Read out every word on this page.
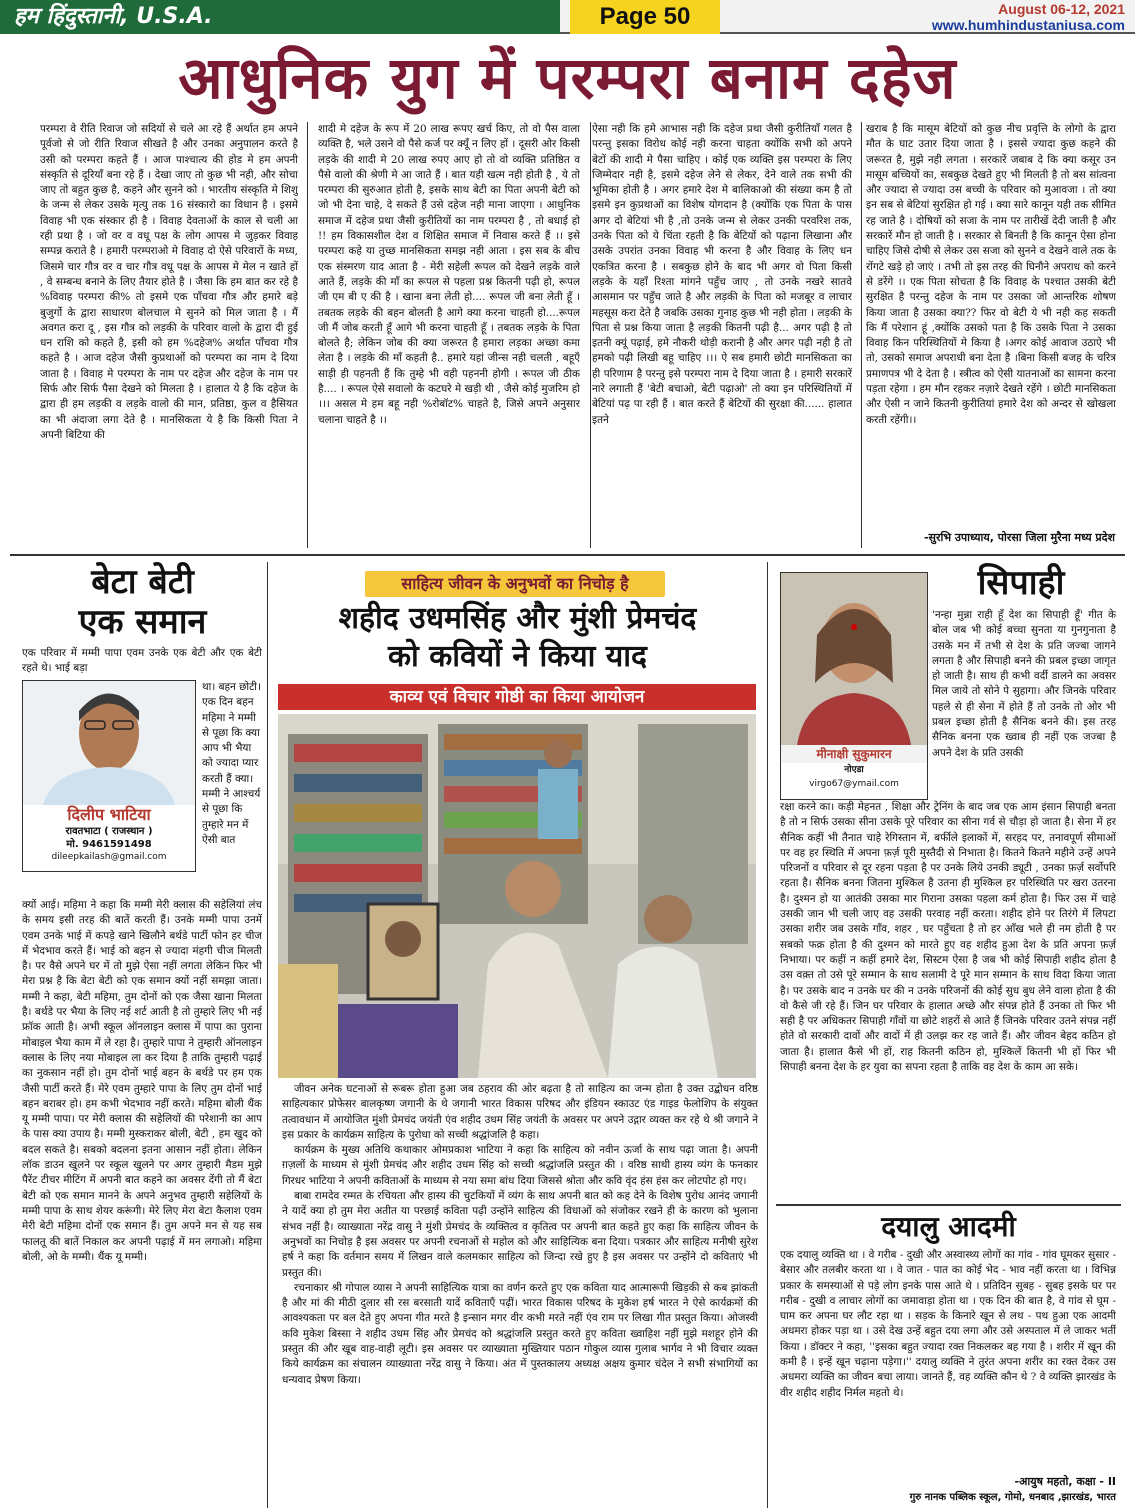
हम हिंदुस्तानी, U.S.A.	Page 50	August 06-12, 2021
www.humhindustaniusa.com
आधुनिक युग में परम्परा बनाम दहेज
परम्परा वे रीति रिवाज जो सदियों से चले आ रहे हैं अर्थात हम अपने पूर्वजो से जो रीति रिवाज सीखते है और उनका अनुपालन करते है उसी को परम्परा कहते हैं । आज पाश्चात्य की होड मे हम अपनी संस्कृति से दूरियाँ बना रहे हैं । देखा जाए तो कुछ भी नही, और सोचा जाए तो बहुत कुछ है, कहने और सुनने को । भारतीय संस्कृति मे शिशु के जन्म से लेकर उसके मृत्यु तक 16 संस्कारो का विधान है । इसमे विवाह भी एक संस्कार ही है । विवाह देवताओं के काल से चली आ रही प्रथा है । जो वर व वधू पक्ष के लोग आपस मे जुड़कर विवाह सम्पन्न कराते है । हमारी परम्पराओ मे विवाह दो ऐसे परिवारों के मध्य, जिसमे चार गौत्र वर व चार गौत्र वधू पक्ष के आपस मे मेल न खाते हों , वे सम्बन्ध बनाने के लिए तैयार होते है । जैसा कि हम बात कर रहे है %विवाह परम्परा की% तो इसमे एक पाँचवा गौत्र और हमारे बड़े बुजुर्गो के द्वारा साधारण बोलचाल मे सुनने को मिल जाता है । मैं अवगत करा दू , इस गौत्र को लड़की के परिवार वालो के द्वारा दी हुई धन राशि को कहते है, इसी को हम %दहेज% अर्थात पाँचवा गौत्र कहते है । आज दहेज जैसी कुप्रथाओं को परम्परा का नाम दे दिया जाता है । विवाह मे परम्परा के नाम पर दहेज और दहेज के नाम पर सिर्फ और सिर्फ पैसा देखने को मिलता है । हालात ये है कि दहेज के द्वारा ही हम लड़की व लड़के वालो की मान, प्रतिष्ठा, कुल व हैसियत का भी अंदाजा लगा देते है । मानसिकता ये है कि किसी पिता ने अपनी बिटिया की
शादी मे दहेज के रूप में 20 लाख रूपए खर्च किए, तो वो पैस वाला व्यक्ति है, भले उसने वो पैसे कर्ज पर क्यूँ न लिए हों । दूसरी ओर किसी लड़के की शादी मे 20 लाख रुपए आए हो तो वो व्यक्ति प्रतिष्ठित व पैसे वालो की श्रेणी मे आ जाते हैं । बात यही खत्म नही होती है , ये तो परम्परा की सुरुआत होती है, इसके साथ बेटी का पिता अपनी बेटी को जो भी देना चाहे, दे सकते हैं उसे दहेज नही माना जाएगा । आधुनिक समाज में दहेज प्रथा जैसी कुरीतियों का नाम परम्परा है , तो बधाई हो !! हम विकासशील देश व शिक्षित समाज में निवास करते हैं ।। इसे परम्परा कहे या तुच्छ मानसिकता समझ नही आता । इस सब के बीच एक संस्मरण याद आता है - मेरी सहेली रूपल को देखने लड़के वाले आते हैं, लड़के की माँ का रूपल से पहला प्रश्न कितनी पढ़ी हो, रूपल जी एम बी ए की है । खाना बना लेती हो.... रूपल जी बना लेती हूँ । तबतक लड़के की बहन बोलती है आगे क्या करना चाहती हो....रूपल जी मैं जोब करती हूँ आगे भी करना चाहती हूँ । तबतक लड़के के पिता बोलते है; लेकिन जोब की क्या जरूरत है हमारा लड़का अच्छा कमा लेता है । लड़के की माँ कहती है.. हमारे यहां जीन्स नही चलती , बहूएँ साड़ी ही पहनती हैं कि तुम्हे भी वही पहननी होगी । रूपल जी ठीक है.... । रूपल ऐसे सवालो के कटघरे मे खड़ी थी , जैसे कोई मुजरिम हो ।।। असल मे हम बहू नही %रोबॉट% चाहते है, जिसे अपने अनुसार चलाना चाहते है ।।
ऐसा नही कि हमे आभास नही कि दहेज प्रथा जैसी कुरीतियाँ गलत है परन्तु इसका विरोध कोई नही करना चाहता क्योंकि सभी को अपने बेटों की शादी मे पैसा चाहिए । कोई एक व्यक्ति इस परम्परा के लिए जिम्मेदार नही है, इसमे दहेज लेने से लेकर, देने वाले तक सभी की भूमिका होती है । अगर हमारे देश मे बालिकाओ की संख्या कम है तो इसमे इन कुप्रथाओं का विशेष योगदान है (क्योंकि एक पिता के पास अगर दो बेटियां भी है ,तो उनके जन्म से लेकर उनकी परवरिश तक, उनके पिता को ये चिंता रहती है कि बेटियों को पढ़ाना लिखाना और उसके उपरांत उनका विवाह भी करना है और विवाह के लिए धन एकत्रित करना है । सबकुछ होने के बाद भी अगर वो पिता किसी लड़के के यहाँ रिश्ता मांगने पहुँच जाए , तो उनके नखरे सातवे आसमान पर पहुँच जाते है और लड़की के पिता को मजबूर व लाचार महसूस करा देते है जबकि उसका गुनाह कुछ भी नही होता । लड़की के पिता से प्रश्न किया जाता है लड़की कितनी पढ़ी है... अगर पढ़ी है तो इतनी क्यूं पढ़ाई, हमे नौकरी थोड़ी करानी है और अगर पढ़ी नही है तो हमको पढ़ी लिखी बहू चाहिए ।।। ऐ सब हमारी छोटी मानसिकता का ही परिणाम है परन्तु इसे परम्परा नाम दे दिया जाता है । हमारी सरकारें नारे लगाती हैं 'बेटी बचाओ, बेटी पढ़ाओ' तो क्या इन परिस्थितियों में बेटियां पढ़ पा रही हैं । बात करते हैं बेटियों की सुरक्षा की...... हालात इतने
खराब है कि मासूम बेटियों को कुछ नीच प्रवृत्ति के लोगो के द्वारा मौत के घाट उतार दिया जाता है । इससे ज्यादा कुछ कहने की जरूरत है, मुझे नही लगता । सरकारें जबाब दे कि क्या कसूर उन मासूम बच्चियों का, सबकुछ देखते हुए भी मिलती है तो बस सांत्वना और ज्यादा से ज्यादा उस बच्ची के परिवार को मुआवजा । तो क्या इन सब से बेटियां सुरक्षित हो गई । क्या सारे कानून यही तक सीमित रह जाते है । दोषियों को सजा के नाम पर तारीखें देदी जाती है और सरकारें मौन हो जाती है । सरकार से बिनती है कि कानून ऐसा होना चाहिए जिसे दोषी से लेकर उस सजा को सुनने व देखने वाले तक के रोंगटे खड़े हो जाएं । तभी तो इस तरह की घिनौने अपराध को करने से डरेंगे ।। एक पिता सोचता है कि विवाह के पश्चात उसकी बेटी सुरक्षित है परन्तु दहेज के नाम पर उसका जो आन्तरिक शोषण किया जाता है उसका क्या?? फिर वो बेटी ये भी नही कह सकती कि मैं परेशान हूं ,क्योंकि उसको पता है कि उसके पिता ने उसका विवाह किन परिस्थितियों मे किया है ।अगर कोई आवाज उठाऐ भी तो, उसको समाज अपराधी बना देता है ।बिना किसी बजह के चरित्र प्रमाणपत्र भी दे देता है । स्त्रीत्व को ऐसी यातनाओं का सामना करना पड़ता रहेगा । हम मौन रहकर नज़ारे देखते रहेंगे । छोटी मानसिकता और ऐसी न जाने कितनी कुरीतियां हमारे देश को अन्दर से खोखला करती रहेंगी।।
-सुरभि उपाध्याय, पोरसा जिला मुरैना मध्य प्रदेश
बेटा बेटी
एक समान
एक परिवार में मम्मी पापा एवम उनके एक बेटी और एक बेटी रहते थे। भाई बड़ा
दिलीप भाटिया
रावतभाटा ( राजस्थान )
मो. 9461591498
dileepkailash@gmail.com
था। बहन छोटी। एक दिन बहन महिमा ने मम्मी से पूछा कि क्या आप भी भैया को ज्यादा प्यार करती हैं क्या। मम्मी ने आश्चर्य से पूछा कि तुम्हारे मन में ऐसी बात
क्यों आई। महिमा ने कहा कि मम्मी मेरी क्लास की सहेलियां लंच के समय इसी तरह की बातें करती हैं। उनके मम्मी पापा उनमें एवम उनके भाई में कपड़े खाने खिलौने बर्थडे पार्टी फोन हर चीज में भेदभाव करते हैं। भाई को बहन से ज्यादा मंहगी चीज मिलती है। पर वैसे अपने घर में तो मुझे ऐसा नहीं लगता लेकिन फिर भी मेरा प्रश्न है कि बेटा बेटी को एक समान क्यों नहीं समझा जाता। मम्मी ने कहा, बेटी महिमा, तुम दोनों को एक जैसा खाना मिलता है। बर्थडे पर भैया के लिए नई शर्ट आती है तो तुम्हारे लिए भी नई फ्रॉक आती है। अभी स्कूल ऑनलाइन क्लास में पापा का पुराना मोबाइल भैया काम में ले रहा है। तुम्हारे पापा ने तुम्हारी ऑनलाइन क्लास के लिए नया मोबाइल ला कर दिया है ताकि तुम्हारी पढ़ाई का नुकसान नहीं हो। तुम दोनों भाई बहन के बर्थडे पर हम एक जैसी पार्टी करते हैं। मेरे एवम तुम्हारे पापा के लिए तुम दोनों भाई बहन बराबर हो। हम कभी भेदभाव नहीं करते। महिमा बोली थैंक यू मम्मी पापा। पर मेरी क्लास की सहेलियों की परेशानी का आप के पास क्या उपाय है। मम्मी मुस्कराकर बोली, बेटी , हम खुद को बदल सकते है। सबको बदलना इतना आसान नहीं होता। लेकिन लॉक डाउन खुलने पर स्कूल खुलने पर अगर तुम्हारी मैडम मुझे पैरेंट टीचर मीटिंग में अपनी बात कहने का अवसर देंगी तो मैं बेटा बेटी को एक समान मानने के अपने अनुभव तुम्हारी सहेलियों के मम्मी पापा के साथ शेयर करूंगी। मेरे लिए मेरा बेटा कैलाश एवम मेरी बेटी महिमा दोनों एक समान हैं। तुम अपने मन से यह सब फालतू की बातें निकाल कर अपनी पढ़ाई में मन लगाओ। महिमा बोली, ओ के मम्मी। थैंक यू मम्मी।
साहित्य जीवन के अनुभवों का निचोड़ है
शहीद उधमसिंह और मुंशी प्रेमचंद
को कवियों ने किया याद
काव्य एवं विचार गोष्ठी का किया आयोजन

जीवन अनेक घटनाओं से रूबरू होता हुआ जब ठहराव की ओर बढ़ता है तो साहित्य का जन्म होता है उक्त उद्बोधन वरिष्ठ साहित्यकार प्रोफेसर बालकृष्ण जगानी के थे जगानी भारत विकास परिषद और इंडियन स्काउट एंड गाइड फेलोशिप के संयुक्त तत्वावधान में आयोजित मुंशी प्रेमचंद जयंती एंव शहीद उधम सिंह जयंती के अवसर पर अपने उद्गार व्यक्त कर रहे थे श्री जगाने ने इस प्रकार के कार्यक्रम साहित्य के पुरोधा को सच्ची श्रद्धांजलि है कहा।

कार्यक्रम के मुख्य अतिथि कथाकार ओमप्रकाश भाटिया ने कहा कि साहित्य को नवीन ऊर्जा के साथ पढ़ा जाता है। अपनी ग़ज़लों के माध्यम से मुंशी प्रेमचंद और शहीद उधम सिंह को सच्ची श्रद्धांजलि प्रस्तुत की । वरिष्ठ साथी हास्य व्यंग के फनकार गिरधर भाटिया ने अपनी कविताओं के माध्यम से नया समा बांध दिया जिससे श्रोता और कवि वृंद हंस हंस कर लोटपोट हो गए।

बाबा रामदेव रम्मत के रचियता और हास्य की चुटकियों में व्यंग के साथ अपनी बात को कह देने के विशेष पुरोध आनंद जगानी ने यादें क्या हो तुम मेरा अतीत या परछाई कविता पढ़ी उन्होंने साहित्य की विधाओं को संजोकर रखने ही के कारण को भुलाना संभव नहीं है। व्याख्याता नरेंद्र वासु ने मुंशी प्रेमचंद के व्यक्तित्व व कृतित्व पर अपनी बात कहते हुए कहा कि साहित्य जीवन के अनुभवों का निचोड़ है इस अवसर पर अपनी रचनाओं से महोल को और साहित्यिक बना दिया। पत्रकार और साहित्य मनीषी सुरेश हर्ष ने कहा कि वर्तमान समय में लिखन वाले कलमकार साहित्य को जिन्दा रखे हुए है इस अवसर पर उन्होंने दो कविताएं भी प्रस्तुत की।

रचनाकार श्री गोपाल व्यास ने अपनी साहित्यिक यात्रा का वर्णन करते हुए एक कविता याद आत्मारूपी खिड़की से कब झांकती है और मां की मीठी दुलार सी रस बरसाती यादें कविताएँ पढ़ीं। भारत विकास परिषद के मुकेश हर्ष भारत ने ऐसे कार्यक्रमों की आवश्यकता पर बल देते हुए अपना गीत मरते है इन्सान मगर वीर कभी मरते नहीं एंव राम पर लिखा गीत प्रस्तुत किया। ओजस्वी कवि मुकेश बिस्सा ने शहीद उधम सिंह और प्रेमचंद को श्रद्धांजलि प्रस्तुत करते हुए कविता ख्वाहिश नहीं मुझे मशहूर होने की प्रस्तुत की और खूब वाह-वाही लूटी। इस अवसर पर व्याख्याता मुख्तियार पठान गोकुल व्यास गुलाब भार्गव ने भी विचार व्यक्त किये कार्यक्रम का संचालन व्याख्याता नरेंद्र वासु ने किया। अंत में पुस्तकालय अध्यक्ष अक्षय कुमार चंदेल ने सभी संभागियों का धन्यवाद प्रेषण किया।

सिपाही
मीनाक्षी सुकुमारन
नोएडा
virgo67@ymail.com
'नन्हा मुन्ना राही हूँ देश का सिपाही हूँ' गीत के बोल जब भी कोई बच्चा सुनता या गुनगुनाता है उसके मन में तभी से देश के प्रति जज्बा जागने लगता है और सिपाही बनने की प्रबल इच्छा जागृत हो जाती है। साथ ही कभी वर्दी डालने का अवसर मिल जाये तो सोने पे सुहागा। और जिनके परिवार पहले से ही सेना में होते हैं तो उनके तो ओर भी प्रबल इच्छा होती है सैनिक बनने की। इस तरह सैनिक बनना एक ख्वाब ही नहीं एक जज्बा है अपने देश के प्रति उसकी
रक्षा करने का। कड़ी मेहनत , शिक्षा और ट्रेनिंग के बाद जब एक आम इंसान सिपाही बनता है तो न सिर्फ उसका सीना उसके पूरे परिवार का सीना गर्व से चौड़ा हो जाता है। सेना में हर सैनिक कहीं भी तैनात चाहे रेगिस्तान में, बर्फीले इलाकों में, सरहद पर, तनावपूर्ण सीमाओं पर वह हर स्थिति में अपना फ़र्ज़ पूरी मुस्तैदी से निभाता है। कितने कितने महीने उन्हें अपने परिजनों व परिवार से दूर रहना पड़ता है पर उनके लिये उनकी ड्यूटी , उनका फ़र्ज़ सर्वोपरि रहता है। सैनिक बनना जितना मुश्किल है उतना ही मुश्किल हर परिस्थिति पर खरा उतरना है। दुश्मन हो या आतंकी उसका मार गिराना उसका पहला कर्म होता है। फिर उस में चाहे उसकी जान भी चली जाए वह उसकी परवाह नहीं करता। शहीद होने पर तिरंगे में लिपटा उसका शरीर जब उसके गाँव, शहर , घर पहुँचता है तो हर आँख भले ही नम होती है पर सबको फक्र होता है की दुश्मन को मारते हुए वह शहीद हुआ देश के प्रति अपना फ़र्ज़ निभाया। पर कहीं न कहीं हमारे देश, सिस्टम ऐसा है जब भी कोई सिपाही शहीद होता है उस वक़्त तो उसे पूरे सम्मान के साथ सलामी दे पूरे मान सम्मान के साथ विदा किया जाता है। पर उसके बाद न उनके घर की न उनके परिजनों की कोई सुध बुध लेने वाला होता है की वो कैसे जी रहे हैं। जिन घर परिवार के हालात अच्छे और संपन्न होते हैं उनका तो फिर भी सही है पर अधिकतर सिपाही गाँवों या छोटे शहरों से आते हैं जिनके परिवार उतने संपन्न नहीं होते वो सरकारी दावों और वादों में ही उलझ कर रह जाते हैं। और जीवन बेहद कठिन हो जाता है। हालात कैसे भी हों, राह कितनी कठिन हो, मुश्किलें कितनी भी हों फिर भी सिपाही बनना देश के हर युवा का सपना रहता है ताकि वह देश के काम आ सके।
दयालु आदमी
एक दयालु व्यक्ति था । वे गरीब - दुखी और अस्वास्थ्य लोगों का गांव - गांव घूमकर सुसार - बेसार और तलबीर करता था । वे जात - पात का कोई भेद - भाव नहीं करता था । विभिन्न प्रकार के समस्याओं से पड़े लोग इनके पास आते थे । प्रतिदिन सुबह - सुबह इसके घर पर गरीब - दुखी व लाचार लोगों का जमावाड़ा होता था । एक दिन की बात है, वे गांव से घूम - घाम कर अपना घर लौट रहा था । सड़क के किनारे खून से लथ - पथ हुआ एक आदमी अधमरा होकर पड़ा था । उसे देख उन्हें बहुत दया लगा और उसे अस्पताल में ले जाकर भर्ती किया । डॉक्टर ने कहा, ''इसका बहुत ज्यादा रक्त निकलकर बह गया है । शरीर में खून की कमी है । इन्हें खून चढ़ाना पड़ेगा।'' दयालु व्यक्ति ने तुरंत अपना शरीर का रक्त देकर उस अधमरा व्यक्ति का जीवन बचा लाया। जानते हैं, वह व्यक्ति कौन थे ? वे व्यक्ति झारखंड के वीर शहीद शहीद निर्मल महतो थे।
-आयुष महतो, कक्षा - II
गुरु नानक पब्लिक स्कूल, गोमो, धनबाद ,झारखंड, भारत
